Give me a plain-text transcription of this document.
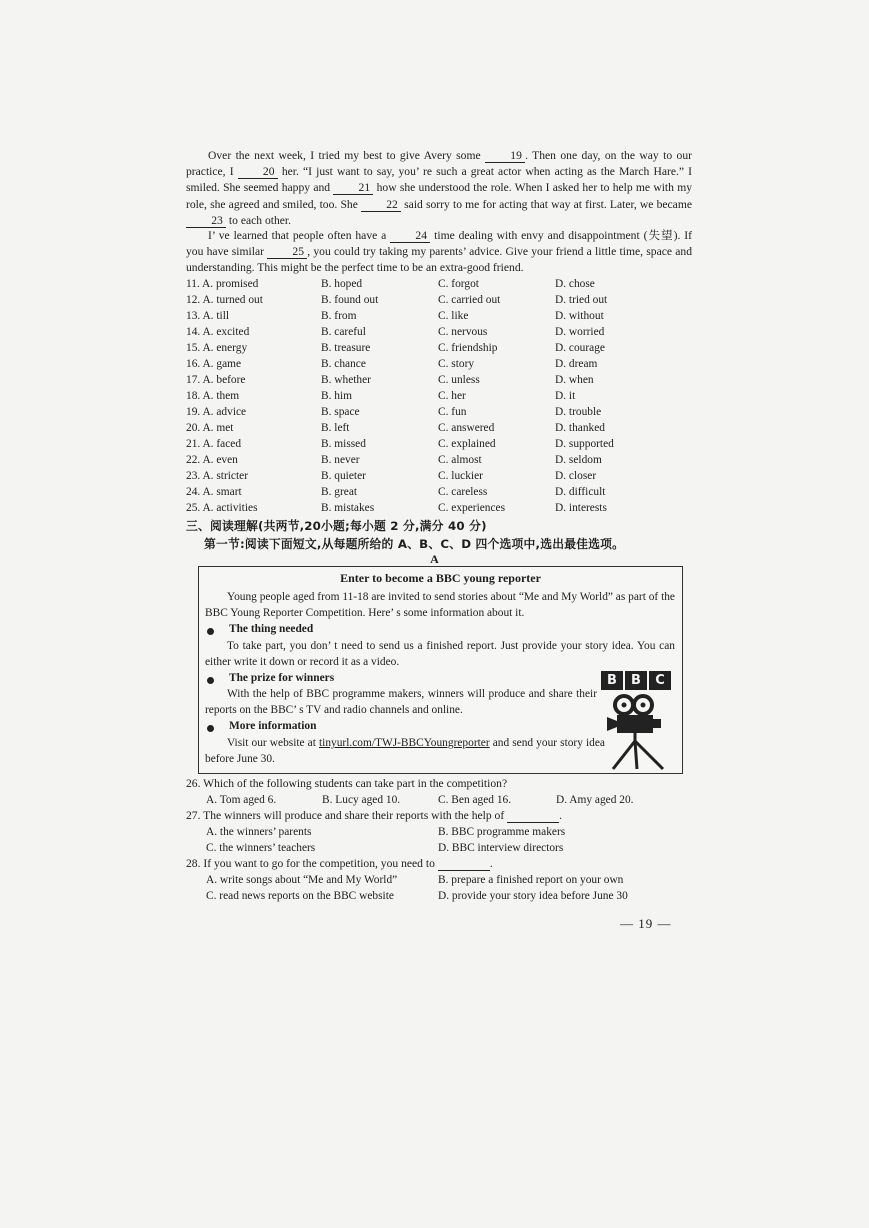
Over the next week, I tried my best to give Avery some	19 . Then one day, on the way to our practice, I	20 her. “I just want to say, you’ re such a great actor when acting as the March Hare.” I smiled. She seemed happy and 21 how she understood the role. When I asked her to help me with my role, she agreed and smiled, too. She 22 said sorry to me for acting that way at first. Later, we became 23 to each other.
I’ ve learned that people often have a	24 time dealing with envy and disappointment (失望). If you have similar 25 , you could try taking my parents’ advice. Give your friend a little time, space and understanding. This might be the perfect time to be an extra-good friend.
11. A. promised	B. hoped	C. forgot	D. chose
12. A. turned out	B. found out	C. carried out	D. tried out
13. A. till	B. from	C. like	D. without
14. A. excited	B. careful	C. nervous	D. worried
15. A. energy	B. treasure	C. friendship	D. courage
16. A. game	B. chance	C. story	D. dream
17. A. before	B. whether	C. unless	D. when
18. A. them	B. him	C. her	D. it
19. A. advice	B. space	C. fun	D. trouble
20. A. met	B. left	C. answered	D. thanked
21. A. faced	B. missed	C. explained	D. supported
22. A. even	B. never	C. almost	D. seldom
23. A. stricter	B. quieter	C. luckier	D. closer
24. A. smart	B. great	C. careless	D. difficult
25. A. activities	B. mistakes	C. experiences	D. interests
三、阅读理解(共两节,20小题;每小题 2 分,满分 40 分)
第一节:阅读下面短文,从每题所给的 A、B、C、D 四个选项中,选出最佳选项。
A
Enter to become a BBC young reporter
Young people aged from 11-18 are invited to send stories about “Me and My World” as part of the BBC Young Reporter Competition. Here’ s some information about it.
The thing needed
To take part, you don’ t need to send us a finished report. Just provide your story idea. You can either write it down or record it as a video.
The prize for winners
With the help of BBC programme makers, winners will produce and share their reports on the BBC’ s TV and radio channels and online.
More information
Visit our website at tinyurl.com/TWJ-BBCYoungreporter and send your story idea before June 30.
B	B	C
26. Which of the following students can take part in the competition?
A. Tom aged 6.	B. Lucy aged 10.	C. Ben aged 16.	D. Amy aged 20.
27. The winners will produce and share their reports with the help of	.
A. the winners’ parents	B. BBC programme makers
C. the winners’ teachers	D. BBC interview directors
28. If you want to go for the competition, you need to	.
A. write songs about “Me and My World”	B. prepare a finished report on your own
C. read news reports on the BBC website	D. provide your story idea before June 30
— 19 —
